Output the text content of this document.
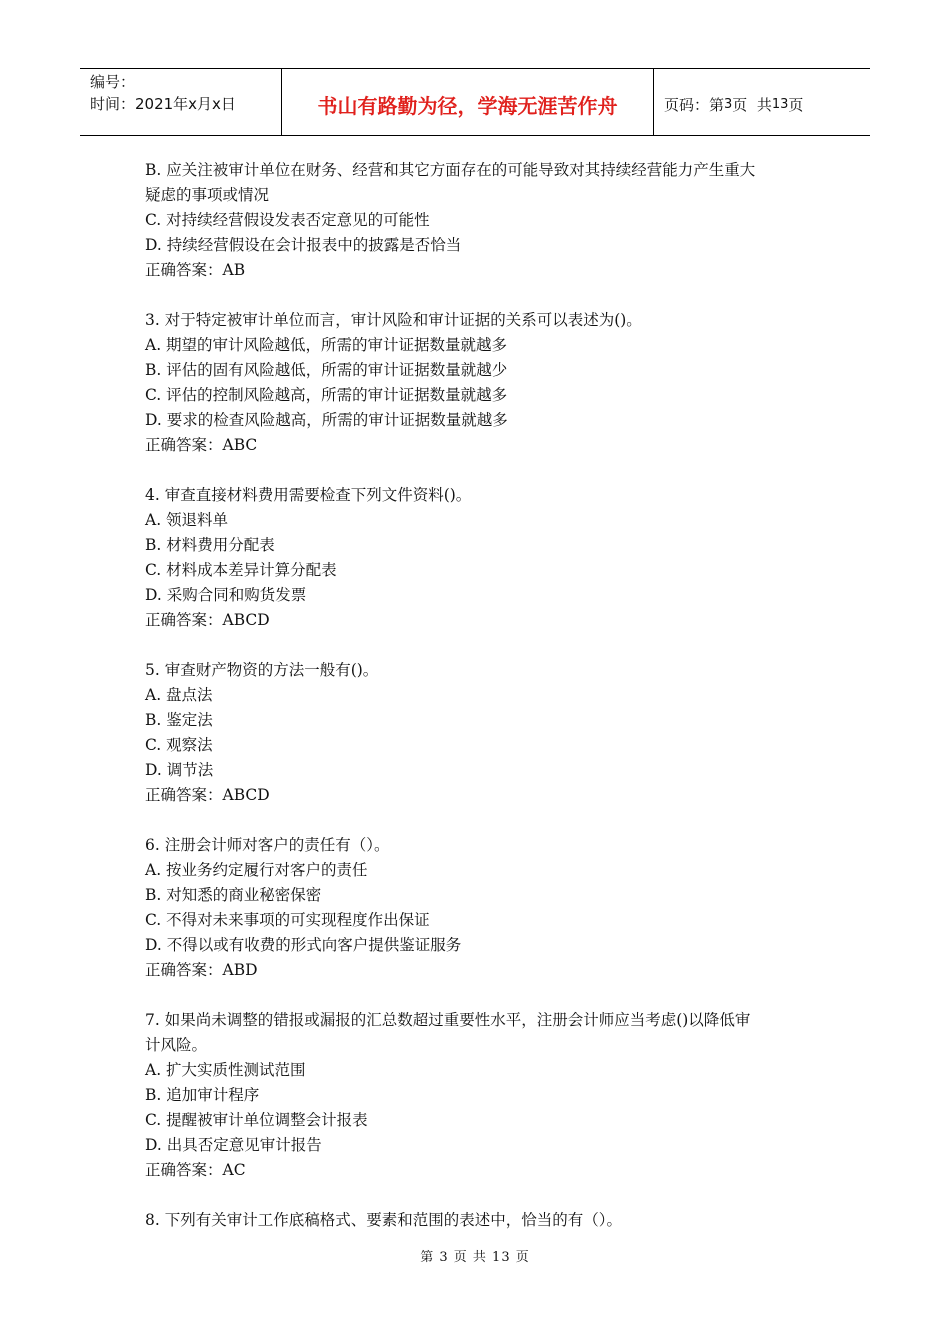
编号：
时间：2021年x月x日	书山有路勤为径，学海无涯苦作舟	页码：第 3 页  共 13 页
B. 应关注被审计单位在财务、经营和其它方面存在的可能导致对其持续经营能力产生重大
疑虑的事项或情况
C. 对持续经营假设发表否定意见的可能性
D. 持续经营假设在会计报表中的披露是否恰当
正确答案：AB
3. 对于特定被审计单位而言，审计风险和审计证据的关系可以表述为()。
A. 期望的审计风险越低，所需的审计证据数量就越多
B. 评估的固有风险越低，所需的审计证据数量就越少
C. 评估的控制风险越高，所需的审计证据数量就越多
D. 要求的检查风险越高，所需的审计证据数量就越多
正确答案：ABC
4. 审查直接材料费用需要检查下列文件资料()。
A. 领退料单
B. 材料费用分配表
C. 材料成本差异计算分配表
D. 采购合同和购货发票
正确答案：ABCD
5. 审查财产物资的方法一般有()。
A. 盘点法
B. 鉴定法
C. 观察法
D. 调节法
正确答案：ABCD
6. 注册会计师对客户的责任有（）。
A. 按业务约定履行对客户的责任
B. 对知悉的商业秘密保密
C. 不得对未来事项的可实现程度作出保证
D. 不得以或有收费的形式向客户提供鉴证服务
正确答案：ABD
7. 如果尚未调整的错报或漏报的汇总数超过重要性水平，注册会计师应当考虑()以降低审
计风险。
A. 扩大实质性测试范围
B. 追加审计程序
C. 提醒被审计单位调整会计报表
D. 出具否定意见审计报告
正确答案：AC
8. 下列有关审计工作底稿格式、要素和范围的表述中，恰当的有（）。
第 3 页 共 13 页
